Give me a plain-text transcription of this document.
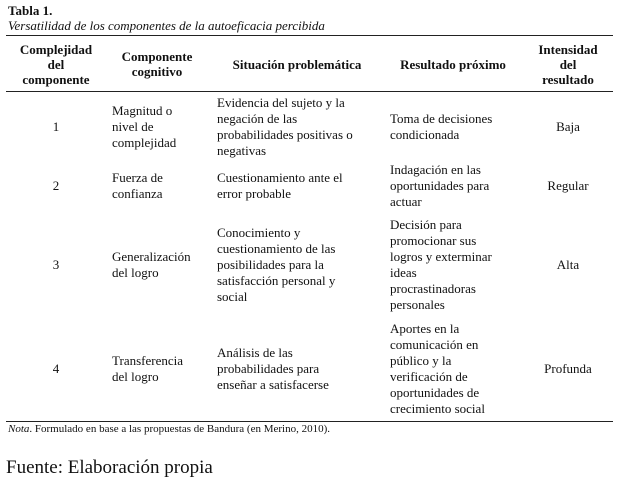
Tabla 1.
Versatilidad de los componentes de la autoeficacia percibida
Complejidad
del
componente
Componente
cognitivo	Situación problemática	Resultado próximo
Intensidad
del
resultado
1
Magnitud o
nivel de
complejidad
Evidencia del sujeto y la
negación de las
probabilidades positivas o
negativas
Toma de decisiones
condicionada
Baja
2
Fuerza de
confianza
Cuestionamiento ante el
error probable
Indagación en las
oportunidades para
actuar
Regular
3
Generalización
del logro
Conocimiento y
cuestionamiento de las
posibilidades para la
satisfacción personal y
social
Decisión para
promocionar sus
logros y exterminar
ideas
procrastinadoras
personales
Alta
4
Transferencia
del logro
Análisis de las
probabilidades para
enseñar a satisfacerse
Aportes en la
comunicación en
público y la
verificación de
oportunidades de
crecimiento social
Profunda
Nota. Formulado en base a las propuestas de Bandura (en Merino, 2010).
Fuente: Elaboración propia
